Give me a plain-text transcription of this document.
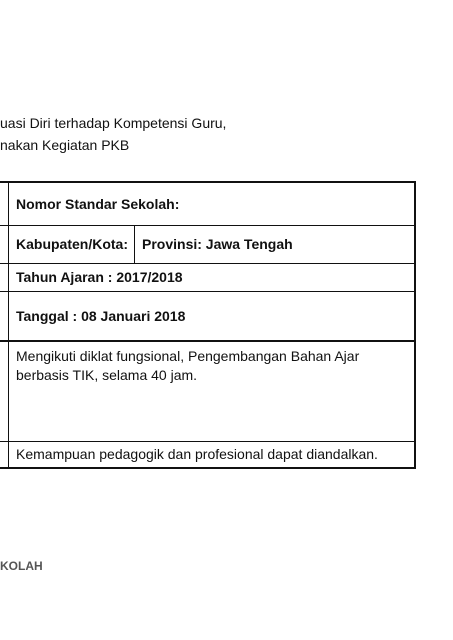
uasi Diri terhadap Kompetensi Guru,
nakan Kegiatan PKB
	Nomor Standar Sekolah:	
	Kabupaten/Kota:	Provinsi: Jawa Tengah
	Tahun Ajaran : 2017/2018	
	Tanggal : 08 Januari 2018	
	Mengikuti diklat fungsional, Pengembangan Bahan Ajar berbasis TIK, selama 40 jam.	
	Kemampuan pedagogik dan profesional dapat diandalkan.	
KOLAH
